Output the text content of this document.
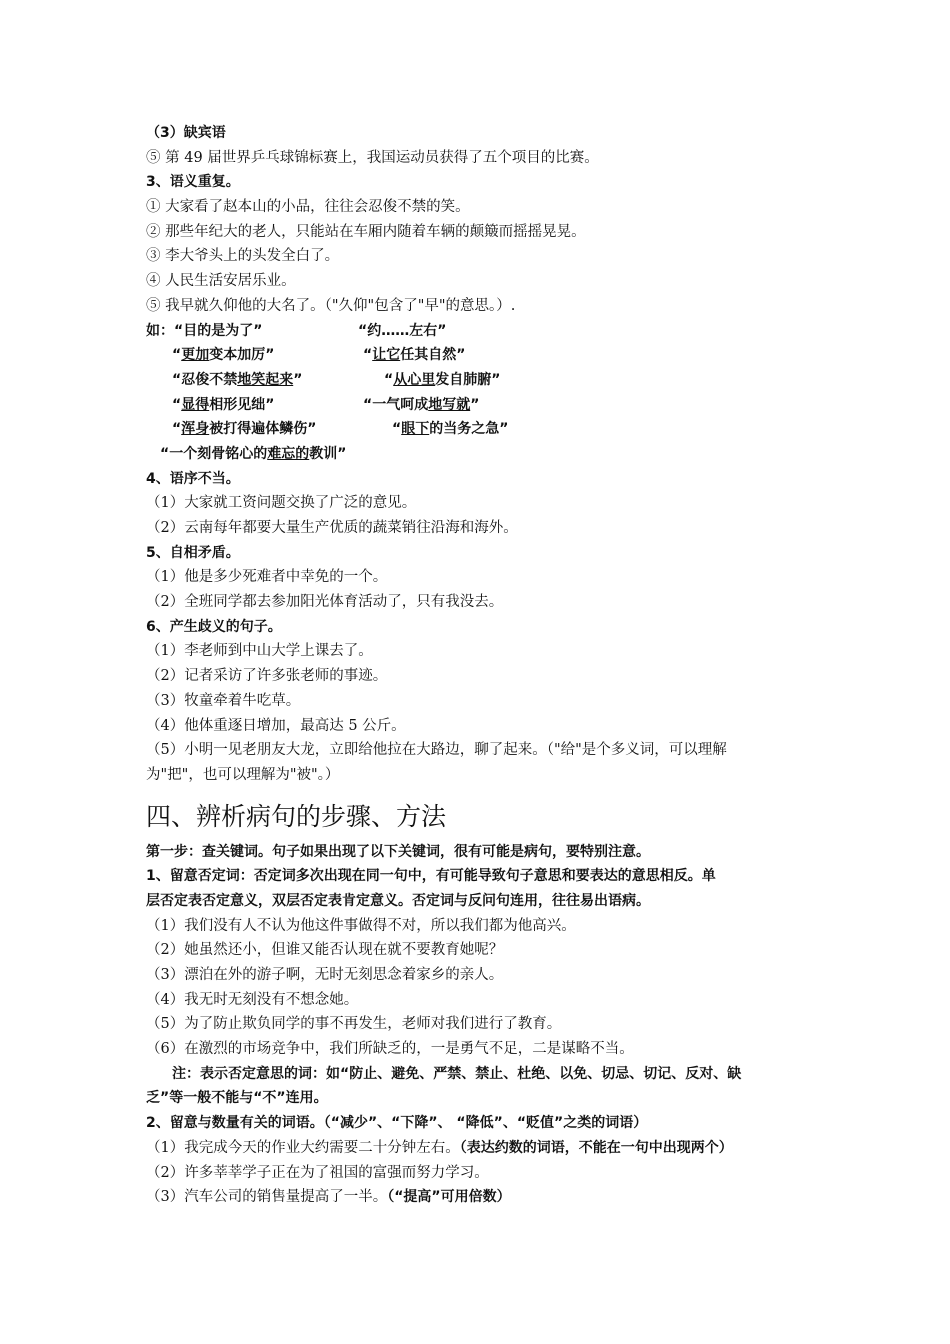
（3）缺宾语
⑤ 第 49 届世界乒乓球锦标赛上，我国运动员获得了五个项目的比赛。
3、语义重复。
① 大家看了赵本山的小品，往往会忍俊不禁的笑。
② 那些年纪大的老人，只能站在车厢内随着车辆的颠簸而摇摇晃晃。
③ 李大爷头上的头发全白了。
④ 人民生活安居乐业。
⑤ 我早就久仰他的大名了。（"久仰"包含了"早"的意思。）.
如：“目的是为了”	“约……左右”
“更加变本加厉”	“让它任其自然”
“忍俊不禁地笑起来”	“从心里发自肺腑”
“显得相形见绌”	“一气呵成地写就”
“浑身被打得遍体鳞伤”	“眼下的当务之急”
“一个刻骨铭心的难忘的教训”
4、语序不当。
（1）大家就工资问题交换了广泛的意见。
（2）云南每年都要大量生产优质的蔬菜销往沿海和海外。
5、自相矛盾。
（1）他是多少死难者中幸免的一个。
（2）全班同学都去参加阳光体育活动了，只有我没去。
6、产生歧义的句子。
（1）李老师到中山大学上课去了。
（2）记者采访了许多张老师的事迹。
（3）牧童牵着牛吃草。
（4）他体重逐日增加，最高达 5 公斤。
（5）小明一见老朋友大龙，立即给他拉在大路边，聊了起来。（"给"是个多义词，可以理解
为"把"，也可以理解为"被"。）
四、辨析病句的步骤、方法
第一步：查关键词。句子如果出现了以下关键词，很有可能是病句，要特别注意。
1、留意否定词：否定词多次出现在同一句中，有可能导致句子意思和要表达的意思相反。单
层否定表否定意义，双层否定表肯定意义。否定词与反问句连用，往往易出语病。
（1）我们没有人不认为他这件事做得不对，所以我们都为他高兴。
（2）她虽然还小，但谁又能否认现在就不要教育她呢？
（3）漂泊在外的游子啊，无时无刻思念着家乡的亲人。
（4）我无时无刻没有不想念她。
（5）为了防止欺负同学的事不再发生，老师对我们进行了教育。
（6）在激烈的市场竞争中，我们所缺乏的，一是勇气不足，二是谋略不当。
注：表示否定意思的词：如“防止、避免、严禁、禁止、杜绝、以免、切忌、切记、反对、缺
乏”等一般不能与“不”连用。
2、留意与数量有关的词语。（“减少”、“下降”、 “降低”、“贬值”之类的词语）
（1）我完成今天的作业大约需要二十分钟左右。（表达约数的词语，不能在一句中出现两个）
（2）许多莘莘学子正在为了祖国的富强而努力学习。
（3）汽车公司的销售量提高了一半。（“提高”可用倍数）
